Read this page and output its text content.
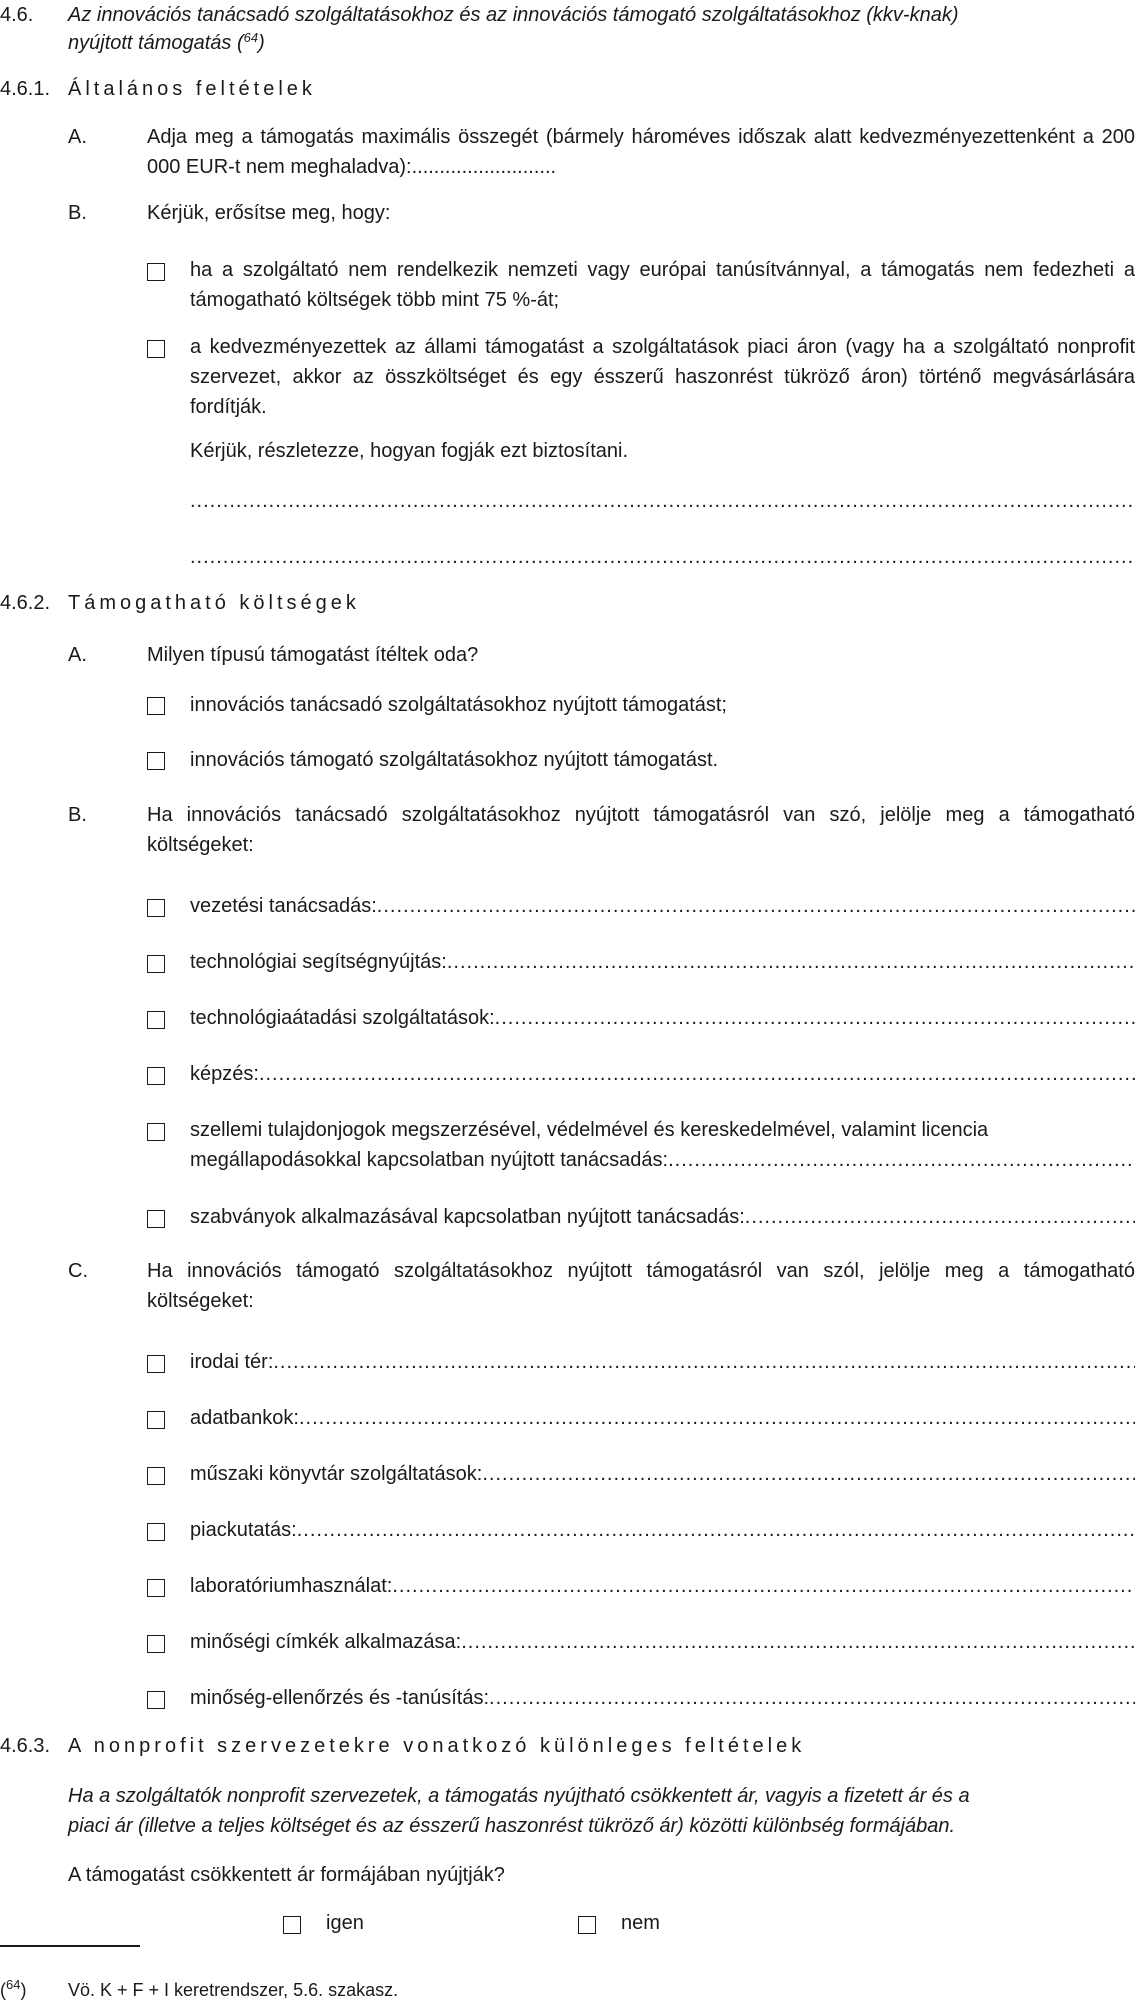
4.6. Az innovációs tanácsadó szolgáltatásokhoz és az innovációs támogató szolgáltatásokhoz (kkv-knak)
nyújtott támogatás ($^{64}$)
4.6.1. Általános feltételek
A.	Adja meg a támogatás maximális összegét (bármely hároméves időszak alatt kedvezményezettenként a 200 000 EUR-t nem meghaladva):..........................
B.	Kérjük, erősítse meg, hogy:
ha a szolgáltató nem rendelkezik nemzeti vagy európai tanúsítvánnyal, a támogatás nem fedezheti a támogatható költségek több mint 75 %-át;
a kedvezményezettek az állami támogatást a szolgáltatások piaci áron (vagy ha a szolgáltató nonprofit szervezet, akkor az összköltséget és egy ésszerű haszonrést tükröző áron) történő megvásárlására fordítják.
Kérjük, részletezze, hogyan fogják ezt biztosítani.
.....
.....
4.6.2. Támogatható költségek
A.	Milyen típusú támogatást ítéltek oda?
innovációs tanácsadó szolgáltatásokhoz nyújtott támogatást;
innovációs támogató szolgáltatásokhoz nyújtott támogatást.
B.	Ha innovációs tanácsadó szolgáltatásokhoz nyújtott támogatásról van szó, jelölje meg a támogatható költségeket:
vezetési tanácsadás:
.....
technológiai segítségnyújtás:
.....
technológiaátadási szolgáltatások:
.....
képzés:
.....
szellemi tulajdonjogok megszerzésével, védelmével és kereskedelmével, valamint licencia
megállapodásokkal kapcsolatban nyújtott tanácsadás:
.....
szabványok alkalmazásával kapcsolatban nyújtott tanácsadás:
.....
C.	Ha innovációs támogató szolgáltatásokhoz nyújtott támogatásról van szól, jelölje meg a támogatható költségeket:
irodai tér:
.....
adatbankok:
.....
műszaki könyvtár szolgáltatások:
.....
piackutatás:
.....
laboratóriumhasználat:
.....
minőségi címkék alkalmazása:
.....
minőség-ellenőrzés és -tanúsítás:
.....
4.6.3. A nonprofit szervezetekre vonatkozó különleges feltételek
Ha a szolgáltatók nonprofit szervezetek, a támogatás nyújtható csökkentett ár, vagyis a fizetett ár és a
piaci ár (illetve a teljes költséget és az ésszerű haszonrést tükröző ár) közötti különbség formájában.
A támogatást csökkentett ár formájában nyújtják?
igen	nem
($^{64}$) Vö. K + F + I keretrendszer, 5.6. szakasz.
